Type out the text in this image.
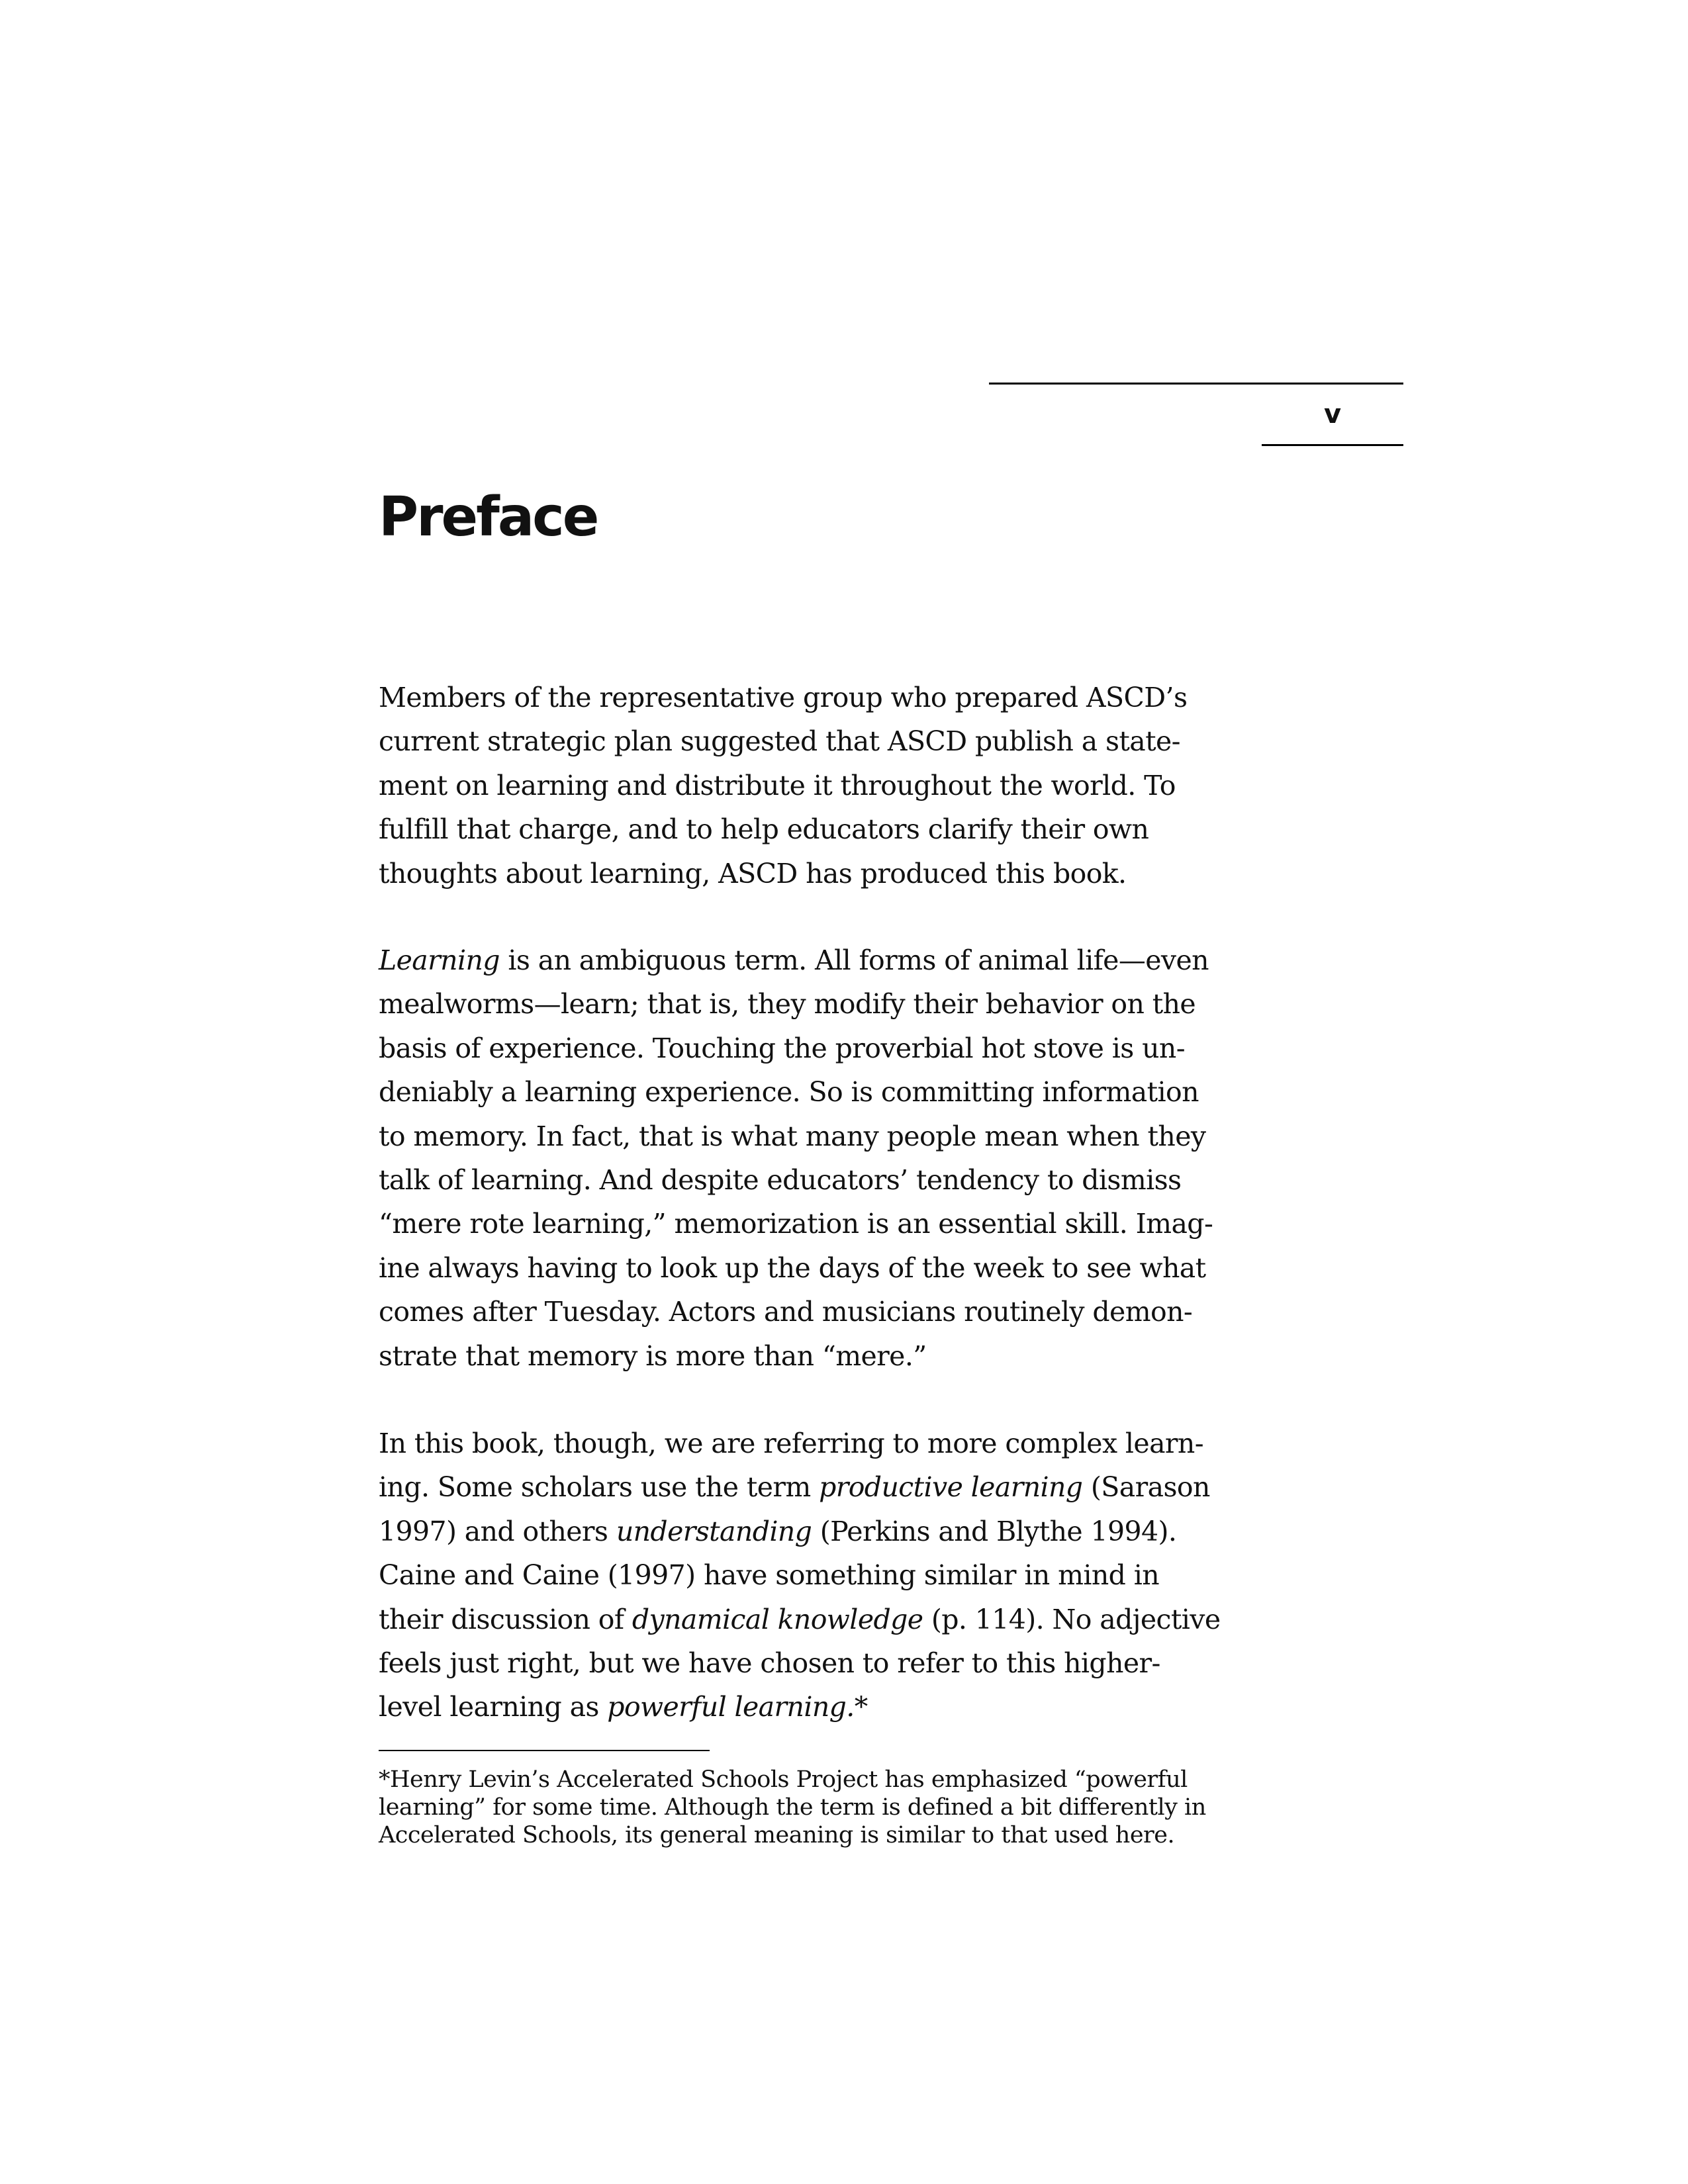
v
Preface

Members of the representative group who prepared ASCD’s
current strategic plan suggested that ASCD publish a state-
ment on learning and distribute it throughout the world. To
fulfill that charge, and to help educators clarify their own
thoughts about learning, ASCD has produced this book.

Learning is an ambiguous term. All forms of animal life—even
mealworms—learn; that is, they modify their behavior on the
basis of experience. Touching the proverbial hot stove is un-
deniably a learning experience. So is committing information
to memory. In fact, that is what many people mean when they
talk of learning. And despite educators’ tendency to dismiss
“mere rote learning,” memorization is an essential skill. Imag-
ine always having to look up the days of the week to see what
comes after Tuesday. Actors and musicians routinely demon-
strate that memory is more than “mere.”

In this book, though, we are referring to more complex learn-
ing. Some scholars use the term productive learning (Sarason
1997) and others understanding (Perkins and Blythe 1994).
Caine and Caine (1997) have something similar in mind in
their discussion of dynamical knowledge (p. 114). No adjective
feels just right, but we have chosen to refer to this higher-
level learning as powerful learning.*

*Henry Levin’s Accelerated Schools Project has emphasized “powerful
learning” for some time. Although the term is defined a bit differently in
Accelerated Schools, its general meaning is similar to that used here.
